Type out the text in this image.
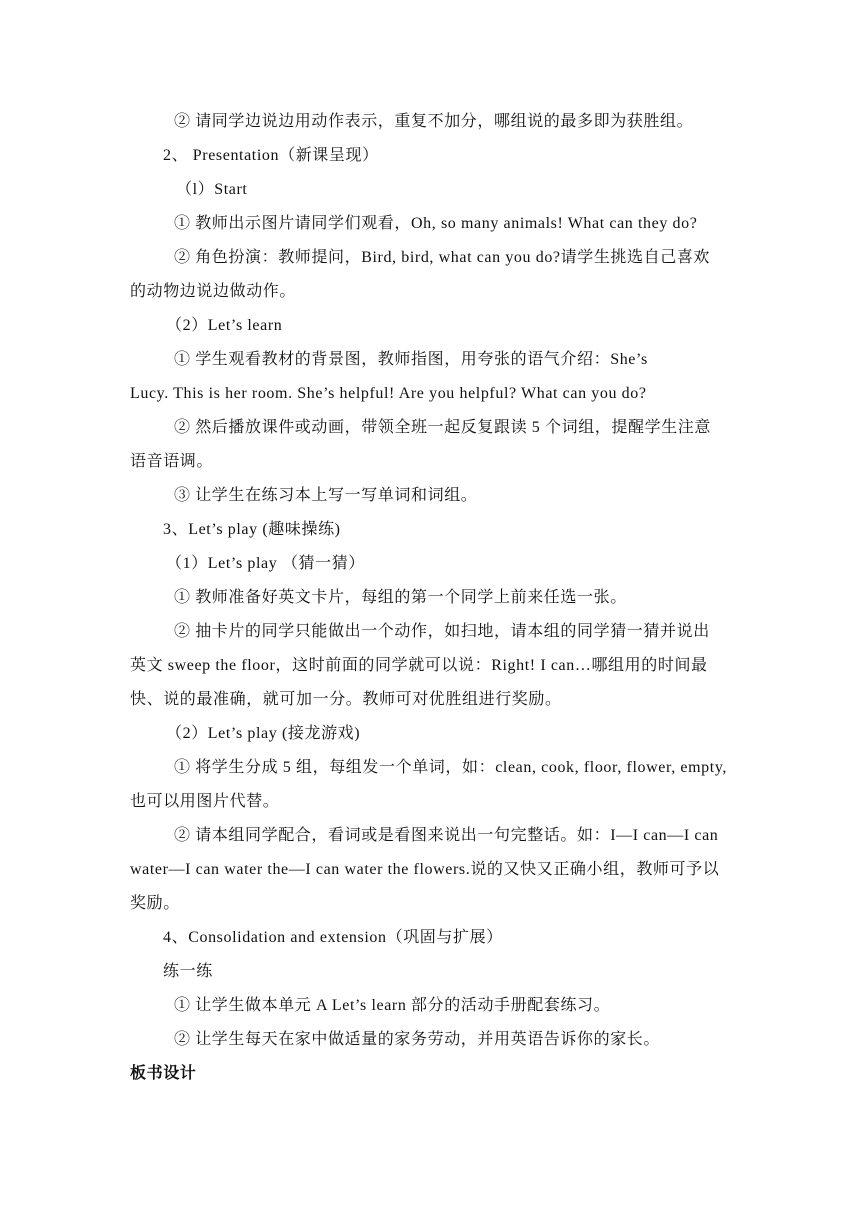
② 请同学边说边用动作表示，重复不加分，哪组说的最多即为获胜组。
2、 Presentation（新课呈现）
（l）Start
① 教师出示图片请同学们观看，Oh, so many animals! What can they do?
② 角色扮演：教师提问，Bird, bird, what can you do?请学生挑选自己喜欢
的动物边说边做动作。
（2）Let’s learn
① 学生观看教材的背景图，教师指图，用夸张的语气介绍：She’s
Lucy. This is her room. She’s helpful! Are you helpful? What can you do?
② 然后播放课件或动画，带领全班一起反复跟读 5 个词组，提醒学生注意
语音语调。
③ 让学生在练习本上写一写单词和词组。
3、Let’s play (趣味操练)
（1）Let’s play （猜一猜）
① 教师准备好英文卡片，每组的第一个同学上前来任选一张。
② 抽卡片的同学只能做出一个动作，如扫地，请本组的同学猜一猜并说出
英文 sweep the floor，这时前面的同学就可以说：Right! I can…哪组用的时间最
快、说的最准确，就可加一分。教师可对优胜组进行奖励。
（2）Let’s play (接龙游戏)
① 将学生分成 5 组，每组发一个单词，如：clean, cook, floor, flower, empty,
也可以用图片代替。
② 请本组同学配合，看词或是看图来说出一句完整话。如：I—I can—I can
water—I can water the—I can water the flowers.说的又快又正确小组，教师可予以
奖励。
4、Consolidation and extension（巩固与扩展）
练一练
① 让学生做本单元 A Let’s learn 部分的活动手册配套练习。
② 让学生每天在家中做适量的家务劳动，并用英语告诉你的家长。
板书设计
